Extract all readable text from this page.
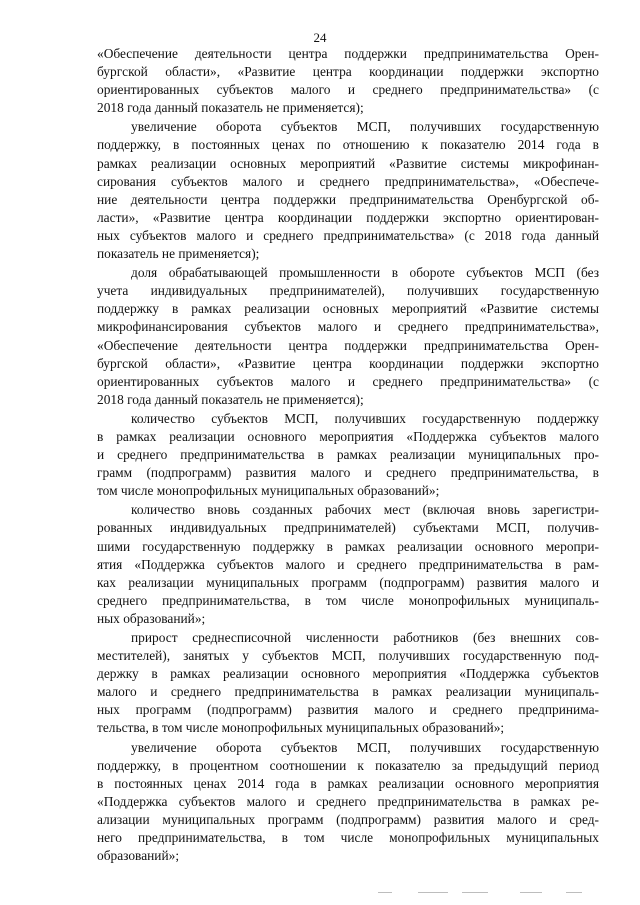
24
«Обеспечение деятельности центра поддержки предпринимательства Орен-
бургской области», «Развитие центра координации поддержки экспортно
ориентированных субъектов малого и среднего предпринимательства» (с
2018 года данный показатель не применяется);
увеличение оборота субъектов МСП, получивших государственную
поддержку, в постоянных ценах по отношению к показателю 2014 года в
рамках реализации основных мероприятий «Развитие системы микрофинан-
сирования субъектов малого и среднего предпринимательства», «Обеспече-
ние деятельности центра поддержки предпринимательства Оренбургской об-
ласти», «Развитие центра координации поддержки экспортно ориентирован-
ных субъектов малого и среднего предпринимательства» (с 2018 года данный
показатель не применяется);
доля обрабатывающей промышленности в обороте субъектов МСП (без
учета индивидуальных предпринимателей), получивших государственную
поддержку в рамках реализации основных мероприятий «Развитие системы
микрофинансирования субъектов малого и среднего предпринимательства»,
«Обеспечение деятельности центра поддержки предпринимательства Орен-
бургской области», «Развитие центра координации поддержки экспортно
ориентированных субъектов малого и среднего предпринимательства» (с
2018 года данный показатель не применяется);
количество субъектов МСП, получивших государственную поддержку
в рамках реализации основного мероприятия «Поддержка субъектов малого
и среднего предпринимательства в рамках реализации муниципальных про-
грамм (подпрограмм) развития малого и среднего предпринимательства, в
том числе монопрофильных муниципальных образований»;
количество вновь созданных рабочих мест (включая вновь зарегистри-
рованных индивидуальных предпринимателей) субъектами МСП, получив-
шими государственную поддержку в рамках реализации основного меропри-
ятия «Поддержка субъектов малого и среднего предпринимательства в рам-
ках реализации муниципальных программ (подпрограмм) развития малого и
среднего предпринимательства, в том числе монопрофильных муниципаль-
ных образований»;
прирост среднесписочной численности работников (без внешних сов-
местителей), занятых у субъектов МСП, получивших государственную под-
держку в рамках реализации основного мероприятия «Поддержка субъектов
малого и среднего предпринимательства в рамках реализации муниципаль-
ных программ (подпрограмм) развития малого и среднего предпринима-
тельства, в том числе монопрофильных муниципальных образований»;
увеличение оборота субъектов МСП, получивших государственную
поддержку, в процентном соотношении к показателю за предыдущий период
в постоянных ценах 2014 года в рамках реализации основного мероприятия
«Поддержка субъектов малого и среднего предпринимательства в рамках ре-
ализации муниципальных программ (подпрограмм) развития малого и сред-
него предпринимательства, в том числе монопрофильных муниципальных
образований»;
